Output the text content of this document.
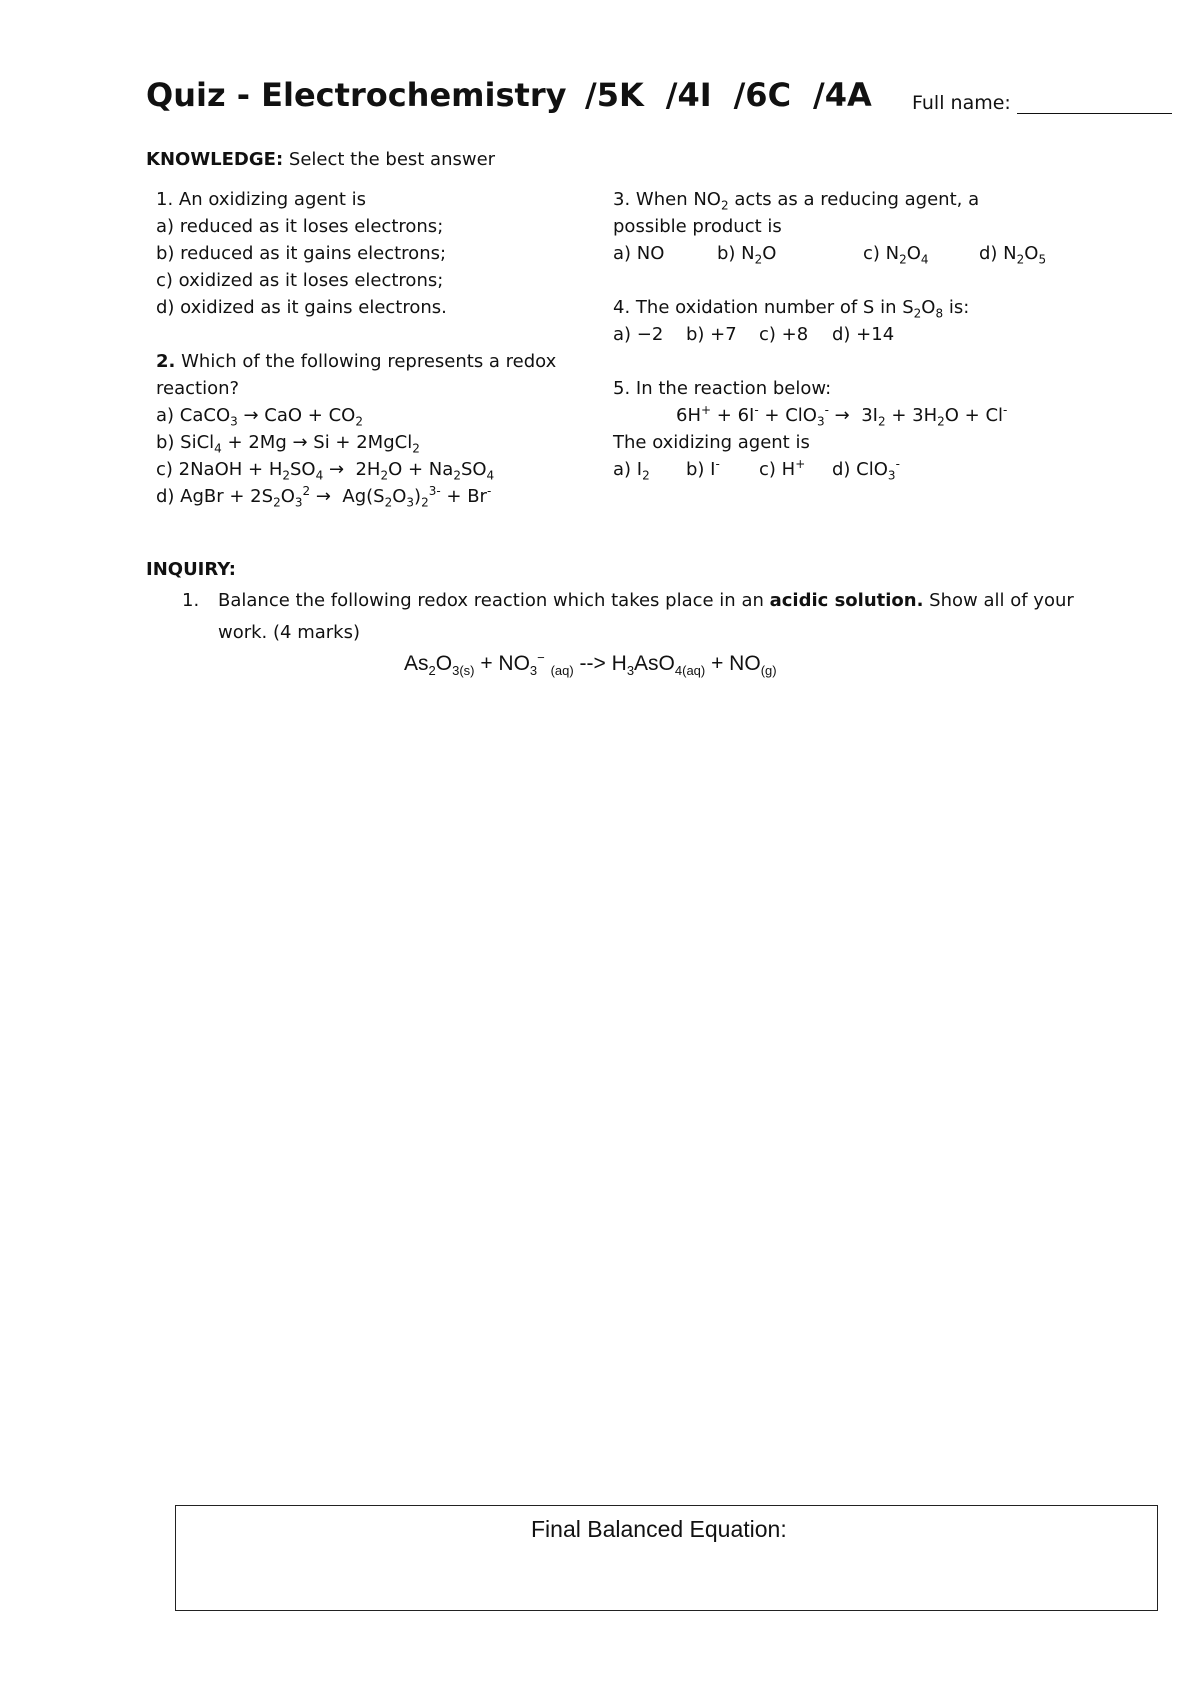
Quiz - Electrochemistry /5K /4I /6C /4A	Full name:
KNOWLEDGE: Select the best answer
1. An oxidizing agent is
a) reduced as it loses electrons;
b) reduced as it gains electrons;
c) oxidized as it loses electrons;
d) oxidized as it gains electrons.
2. Which of the following represents a redox
reaction?
a) CaCO$_3$ → CaO + $CO_2$
b) SiCl$_4$ + 2Mg → Si + 2MgCl$_2$
c) 2NaOH + $H_2SO_4 \to 2H_2O + Na_2SO_4$
d) AgBr + $2S_2O_3^2 \to Ag(S_2O_3)_2^{3-} + Br^-$
3. When $NO_2$ acts as a reducing agent, a
possible product is
a) NO	b) $N_2O$	c) $N_2O_4$	d) $N_2O_5$
4. The oxidation number of S in $S_2O_8$ is:
a) −2 b) +7 c) +8 d) +14
5. In the reaction below:
$6H^+ + 6I^- + ClO_3^- \to 3I_2 + 3H_2O + Cl^-$
The oxidizing agent is
a) $I_2$ b) I- c) H+ d) ClO$_3$-
INQUIRY:
1. Balance the following redox reaction which takes place in an acidic solution. Show all of your
work. (4 marks)
$As_2O_{3(s)} + NO_3^-$ $_{(aq)}$ --> $H_3AsO_{4(aq)} + NO_{(g)}$
Final Balanced Equation:
